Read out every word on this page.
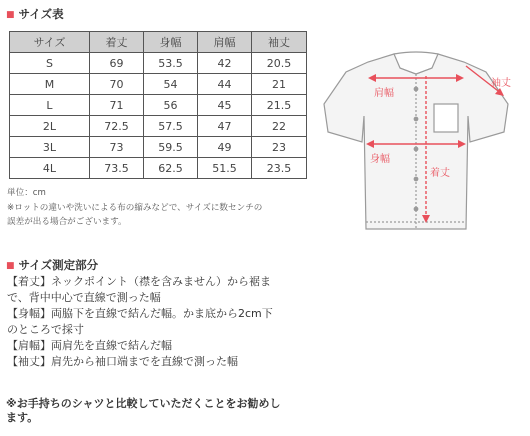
■ サイズ表
サイズ	着丈	身幅	肩幅	袖丈
S	69	53.5	42	20.5
M	70	54	44	21
L	71	56	45	21.5
2L	72.5	57.5	47	22
3L	73	59.5	49	23
4L	73.5	62.5	51.5	23.5
単位：cm
※ロットの違いや洗いによる布の縮みなどで、サイズに数センチの
誤差が出る場合がございます。
肩幅
袖丈
身幅
着丈
■ サイズ測定部分
【着丈】ネックポイント（襟を含みません）から裾ま
で、背中中心で直線で測った幅
【身幅】両脇下を直線で結んだ幅。かま底から2cm下
のところで採寸
【肩幅】両肩先を直線で結んだ幅
【袖丈】肩先から袖口端までを直線で測った幅
※お手持ちのシャツと比較していただくことをお勧めし
ます。
